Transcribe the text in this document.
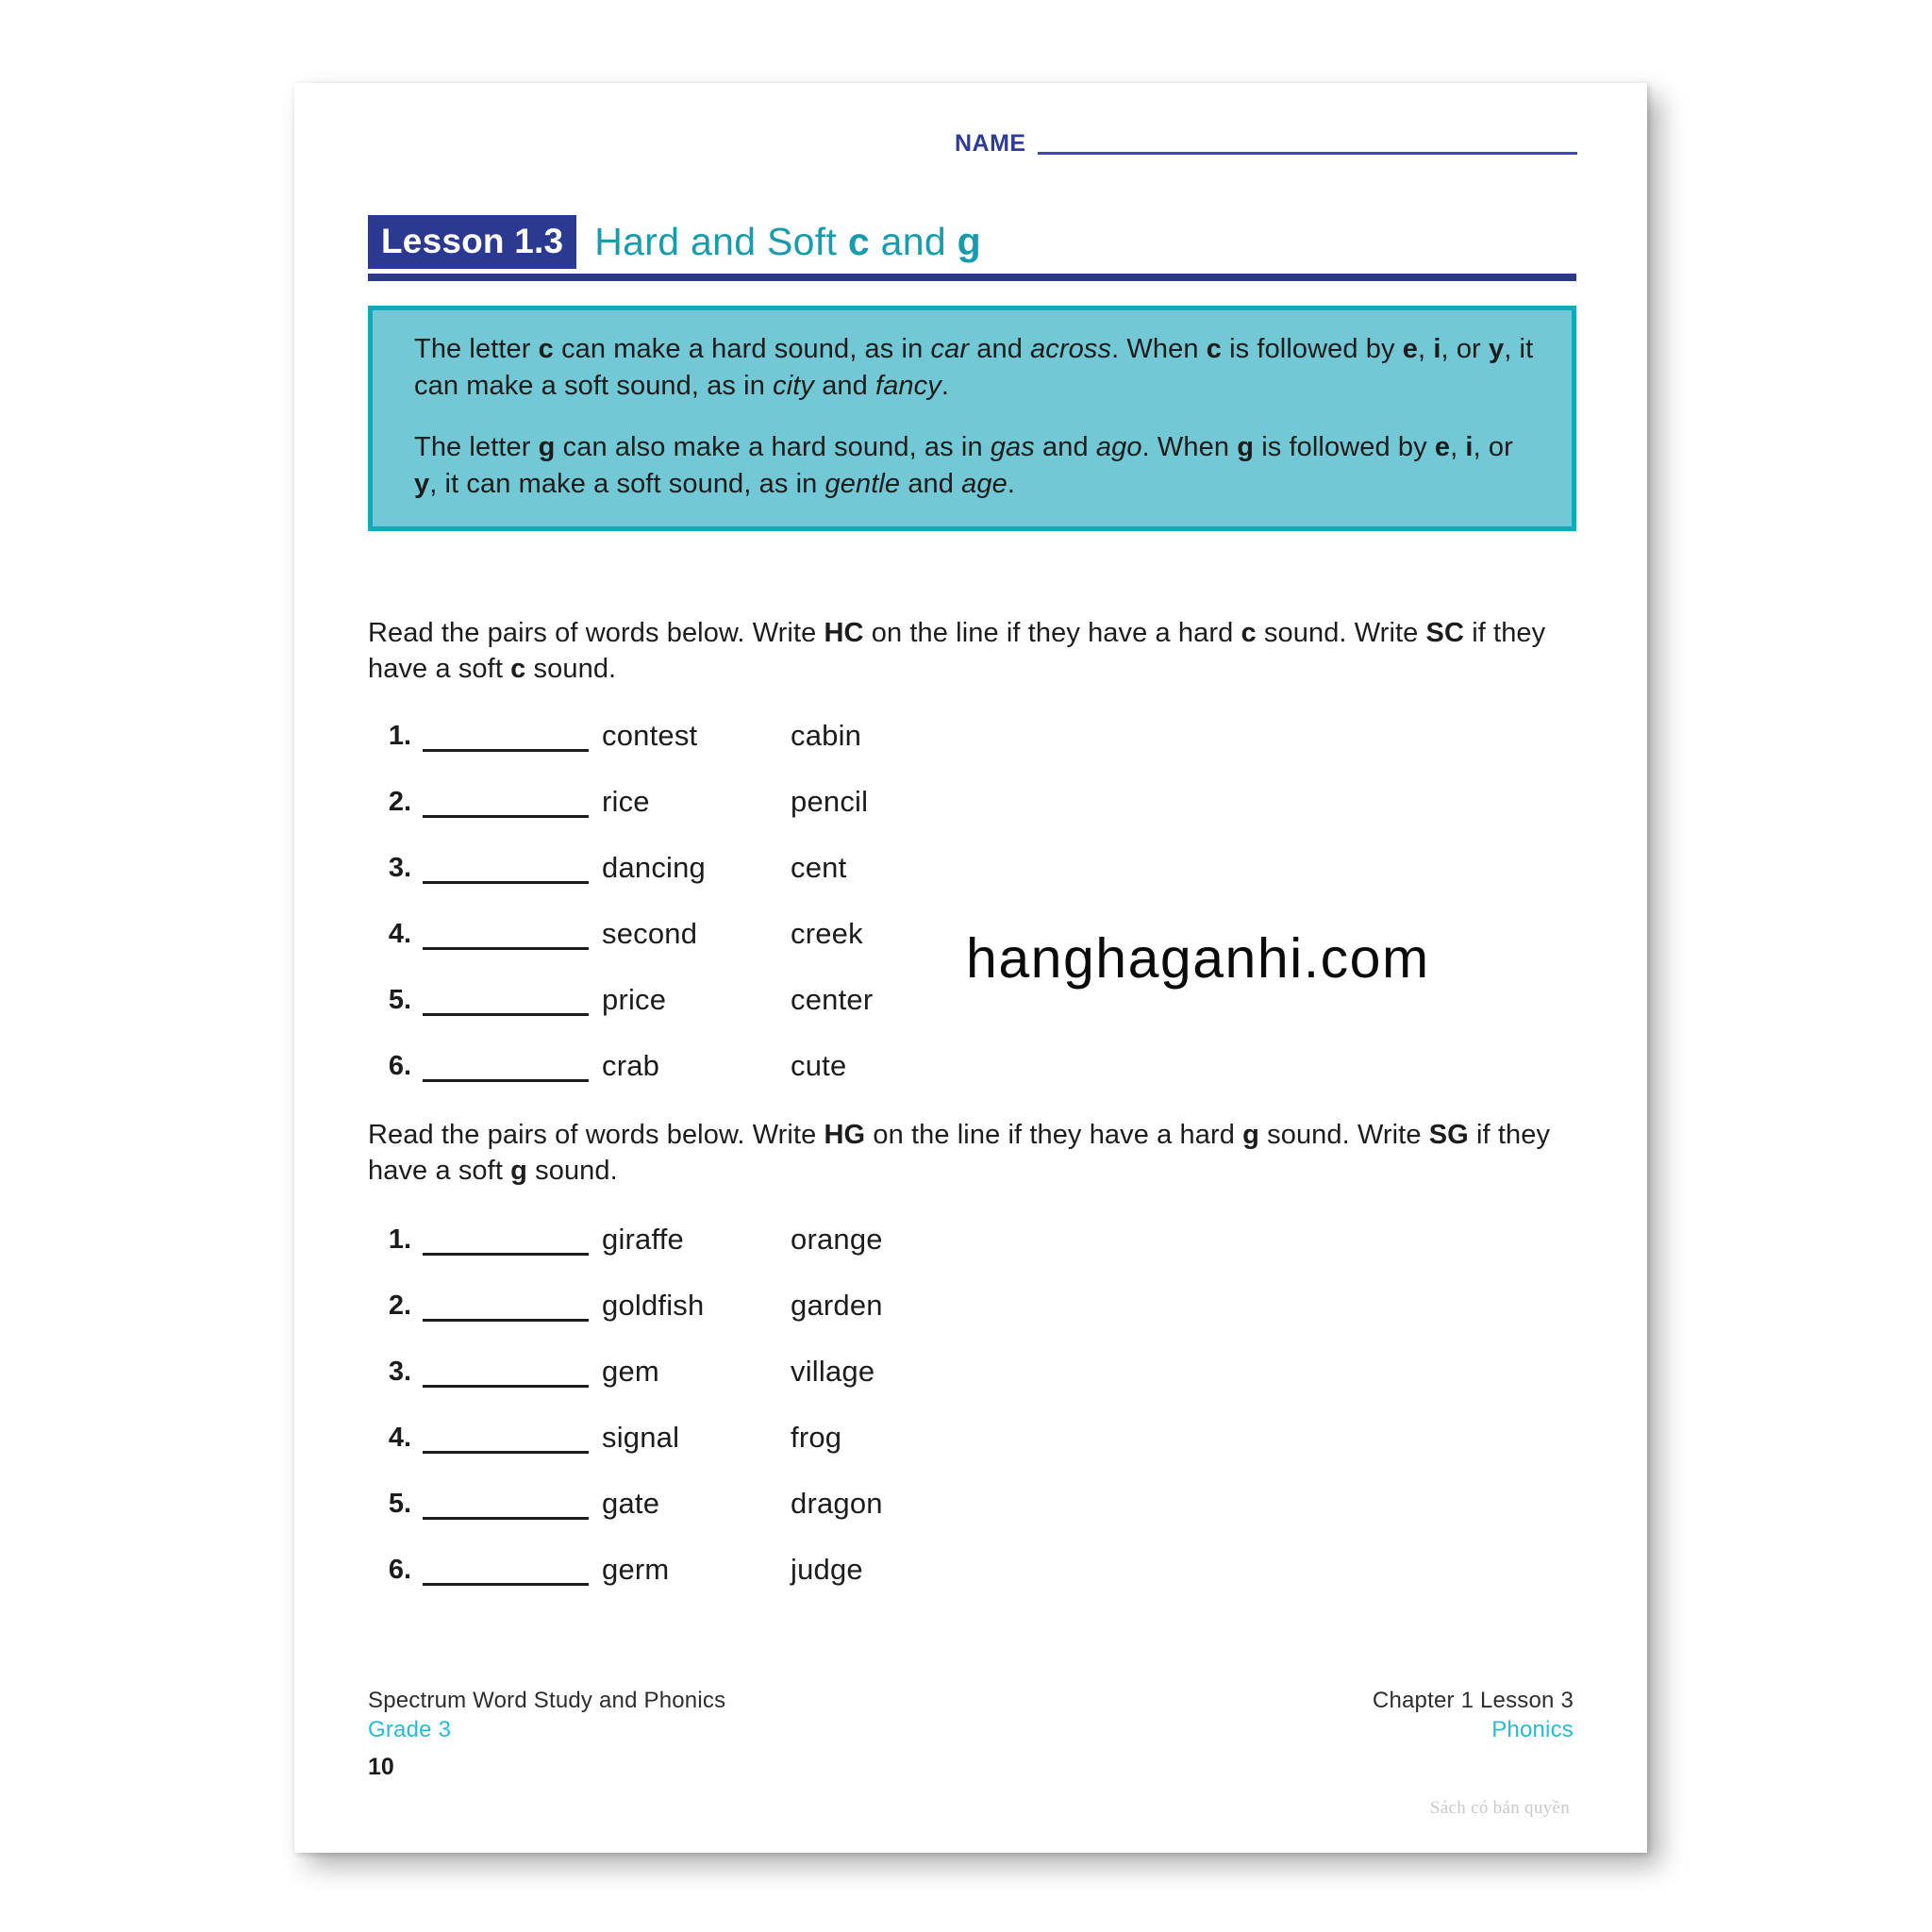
NAME
Lesson 1.3 Hard and Soft c and g

The letter c can make a hard sound, as in car and across. When c is followed by e, i, or y, it can make a soft sound, as in city and fancy.

The letter g can also make a hard sound, as in gas and ago. When g is followed by e, i, or y, it can make a soft sound, as in gentle and age.

Read the pairs of words below. Write HC on the line if they have a hard c sound. Write SC if they have a soft c sound.
1.	contest	cabin
2.	rice	pencil
3.	dancing	cent
4.	second	creek
5.	price	center
6.	crab	cute
Read the pairs of words below. Write HG on the line if they have a hard g sound. Write SG if they have a soft g sound.
1.	giraffe	orange
2.	goldfish	garden
3.	gem	village
4.	signal	frog
5.	gate	dragon
6.	germ	judge
hanghaganhi.com
Spectrum Word Study and Phonics
Grade 3
10
Chapter 1 Lesson 3
Phonics
Sách có bản quyền
